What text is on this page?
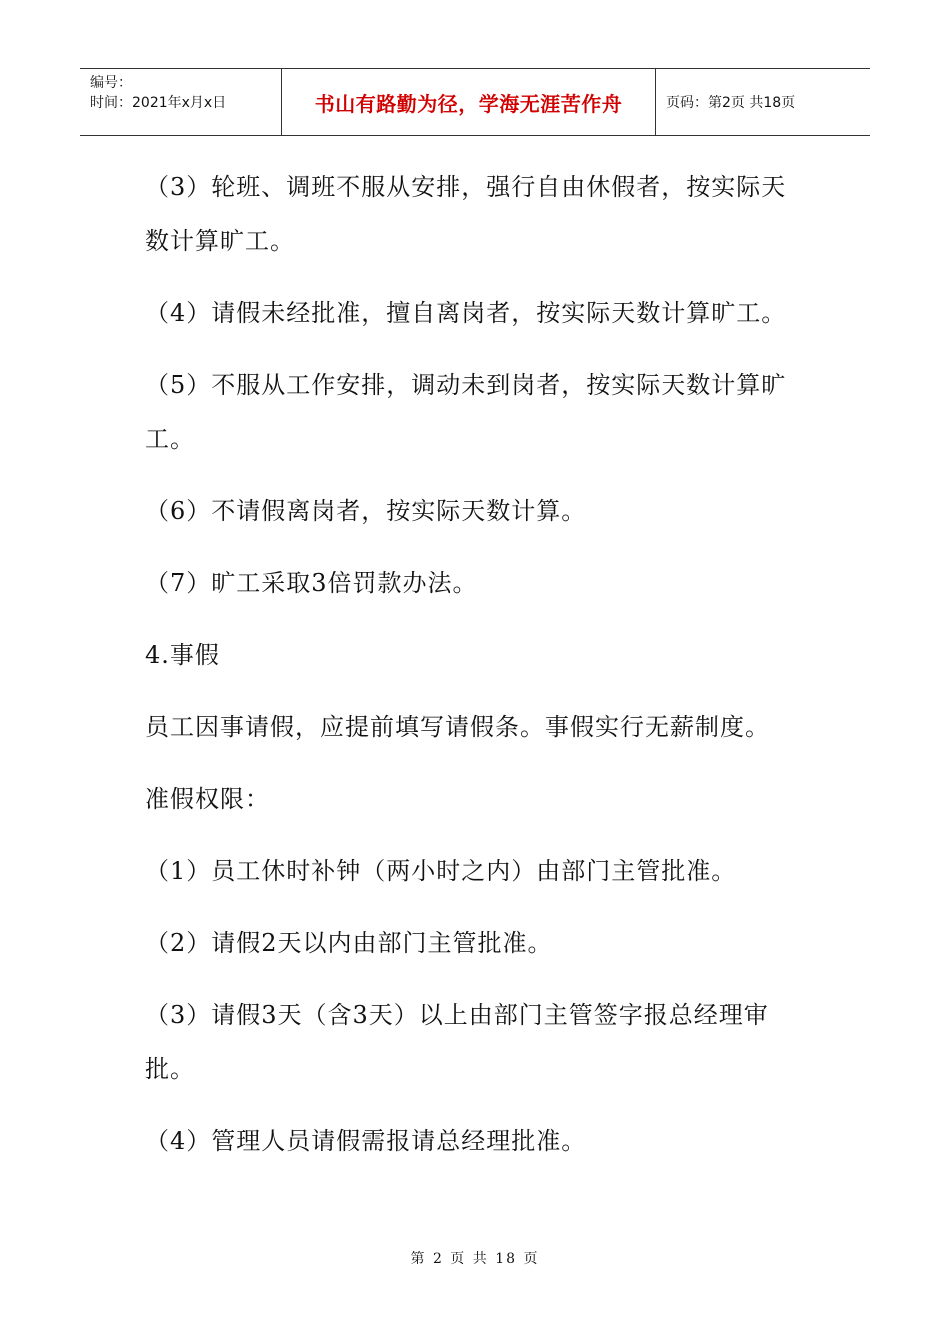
编号：
时间：2021年x月x日	书山有路勤为径，学海无涯苦作舟	页码：第2页 共18页

（3）轮班、调班不服从安排，强行自由休假者，按实际天数计算旷工。

（4）请假未经批准，擅自离岗者，按实际天数计算旷工。

（5）不服从工作安排，调动未到岗者，按实际天数计算旷工。

（6）不请假离岗者，按实际天数计算。

（7）旷工采取3倍罚款办法。

4.事假

员工因事请假，应提前填写请假条。事假实行无薪制度。

准假权限：

（1）员工休时补钟（两小时之内）由部门主管批准。

（2）请假2天以内由部门主管批准。

（3）请假3天（含3天）以上由部门主管签字报总经理审批。

（4）管理人员请假需报请总经理批准。

第 2 页 共 18 页
